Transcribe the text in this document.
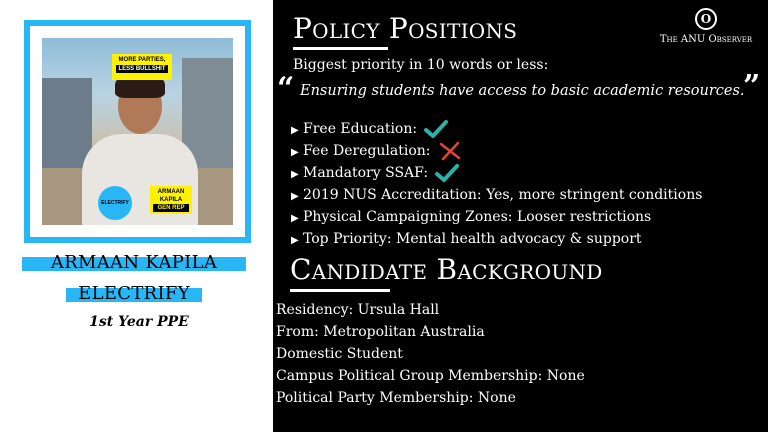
MORE PARTIES,
LESS BULLSHIT
ELECTRIFY
ARMAAN
KAPILA
GEN REP
ARMAAN KAPILA
ELECTRIFY
1st Year PPE
Policy Positions	O
The ANU Observer
Biggest priority in 10 words or less:
“ Ensuring students have access to basic academic resources.
”
▶ Free Education:
▶ Fee Deregulation:
▶ Mandatory SSAF:
▶ 2019 NUS Accreditation: Yes, more stringent conditions
▶ Physical Campaigning Zones: Looser restrictions
▶ Top Priority: Mental health advocacy & support
Candidate Background
Residency: Ursula Hall
From: Metropolitan Australia
Domestic Student
Campus Political Group Membership: None
Political Party Membership: None
